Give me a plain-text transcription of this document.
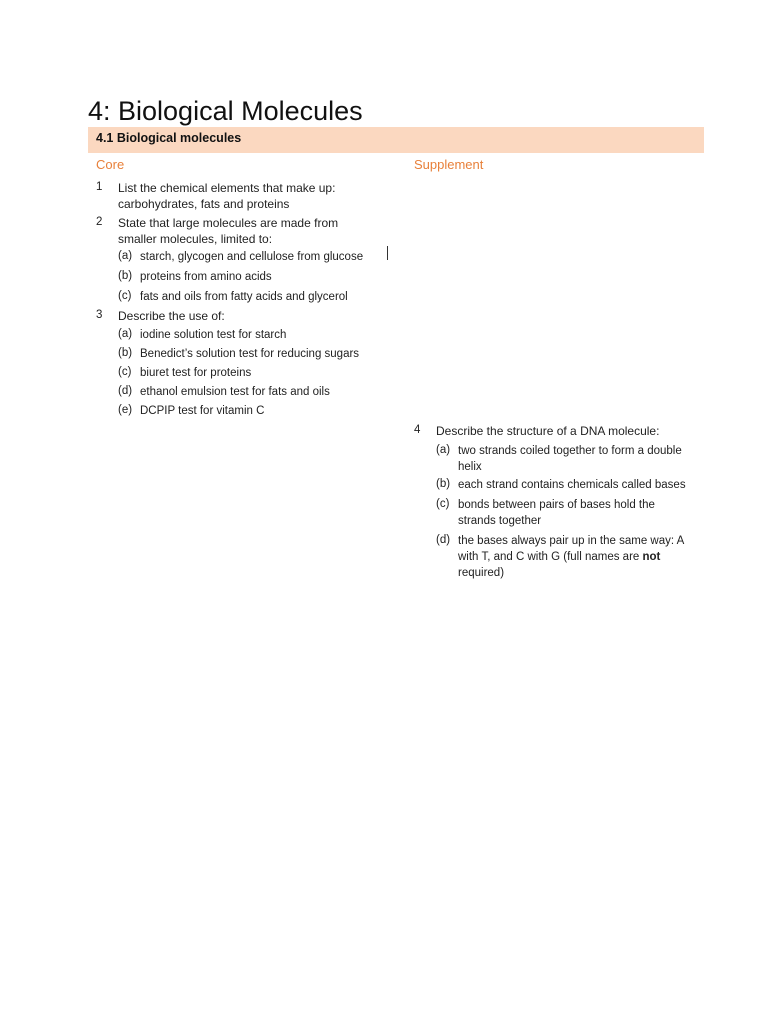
4: Biological Molecules
4.1 Biological molecules
Core	Supplement
1 List the chemical elements that make up: carbohydrates, fats and proteins
2 State that large molecules are made from smaller molecules, limited to:
(a) starch, glycogen and cellulose from glucose
(b) proteins from amino acids
(c) fats and oils from fatty acids and glycerol
3 Describe the use of:
(a) iodine solution test for starch
(b) Benedict’s solution test for reducing sugars
(c) biuret test for proteins
(d) ethanol emulsion test for fats and oils
(e) DCPIP test for vitamin C
4 Describe the structure of a DNA molecule:
(a) two strands coiled together to form a double helix
(b) each strand contains chemicals called bases
(c) bonds between pairs of bases hold the strands together
(d) the bases always pair up in the same way: A with T, and C with G (full names are not required)
